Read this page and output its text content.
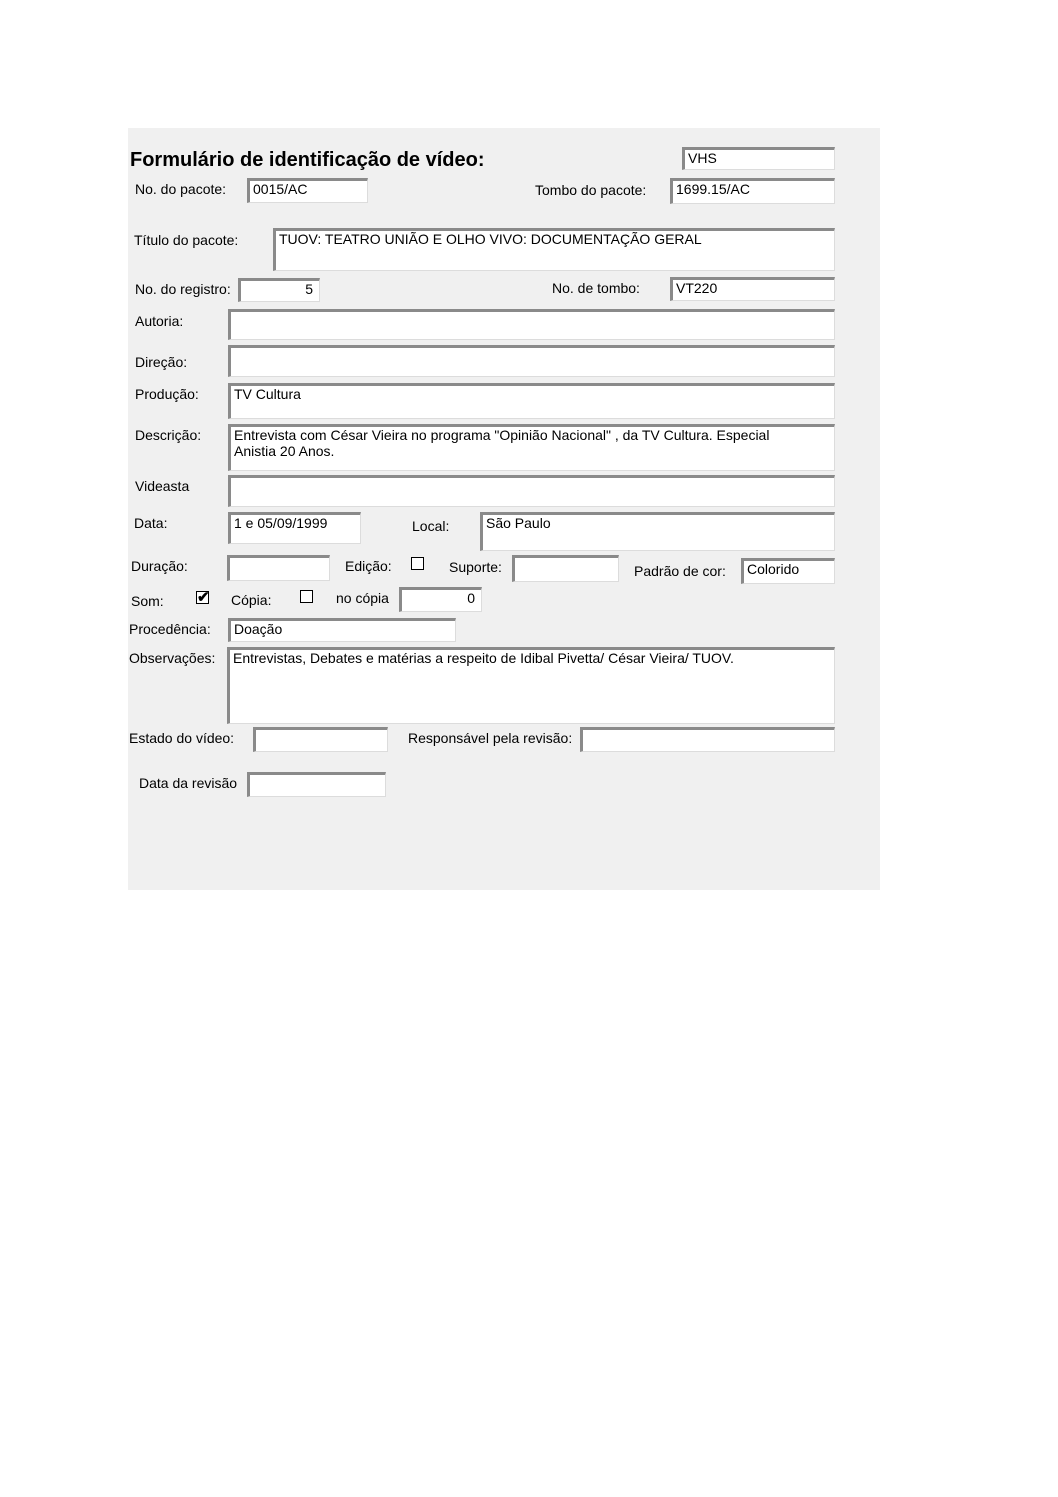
Formulário de identificação de vídeo:	VHS
No. do pacote:	0015/AC	Tombo do pacote:	1699.15/AC
Título do pacote:	TUOV: TEATRO UNIÃO E OLHO VIVO: DOCUMENTAÇÃO GERAL
No. do registro:	5	No. de tombo:	VT220
Autoria:
Direção:
Produção:	TV Cultura
Descrição:	Entrevista com César Vieira no programa "Opinião Nacional" , da TV Cultura. Especial Anistia 20 Anos.
Videasta
Data:	1 e 05/09/1999	Local:	São Paulo
Duração:	Edição:	Suporte:	Padrão de cor:	Colorido
Som: ✔ Cópia:	no cópia	0
Procedência:	Doação
Observações:	Entrevistas, Debates e matérias a respeito de Idibal Pivetta/ César Vieira/ TUOV.
Estado do vídeo:	Responsável pela revisão:
Data da revisão
